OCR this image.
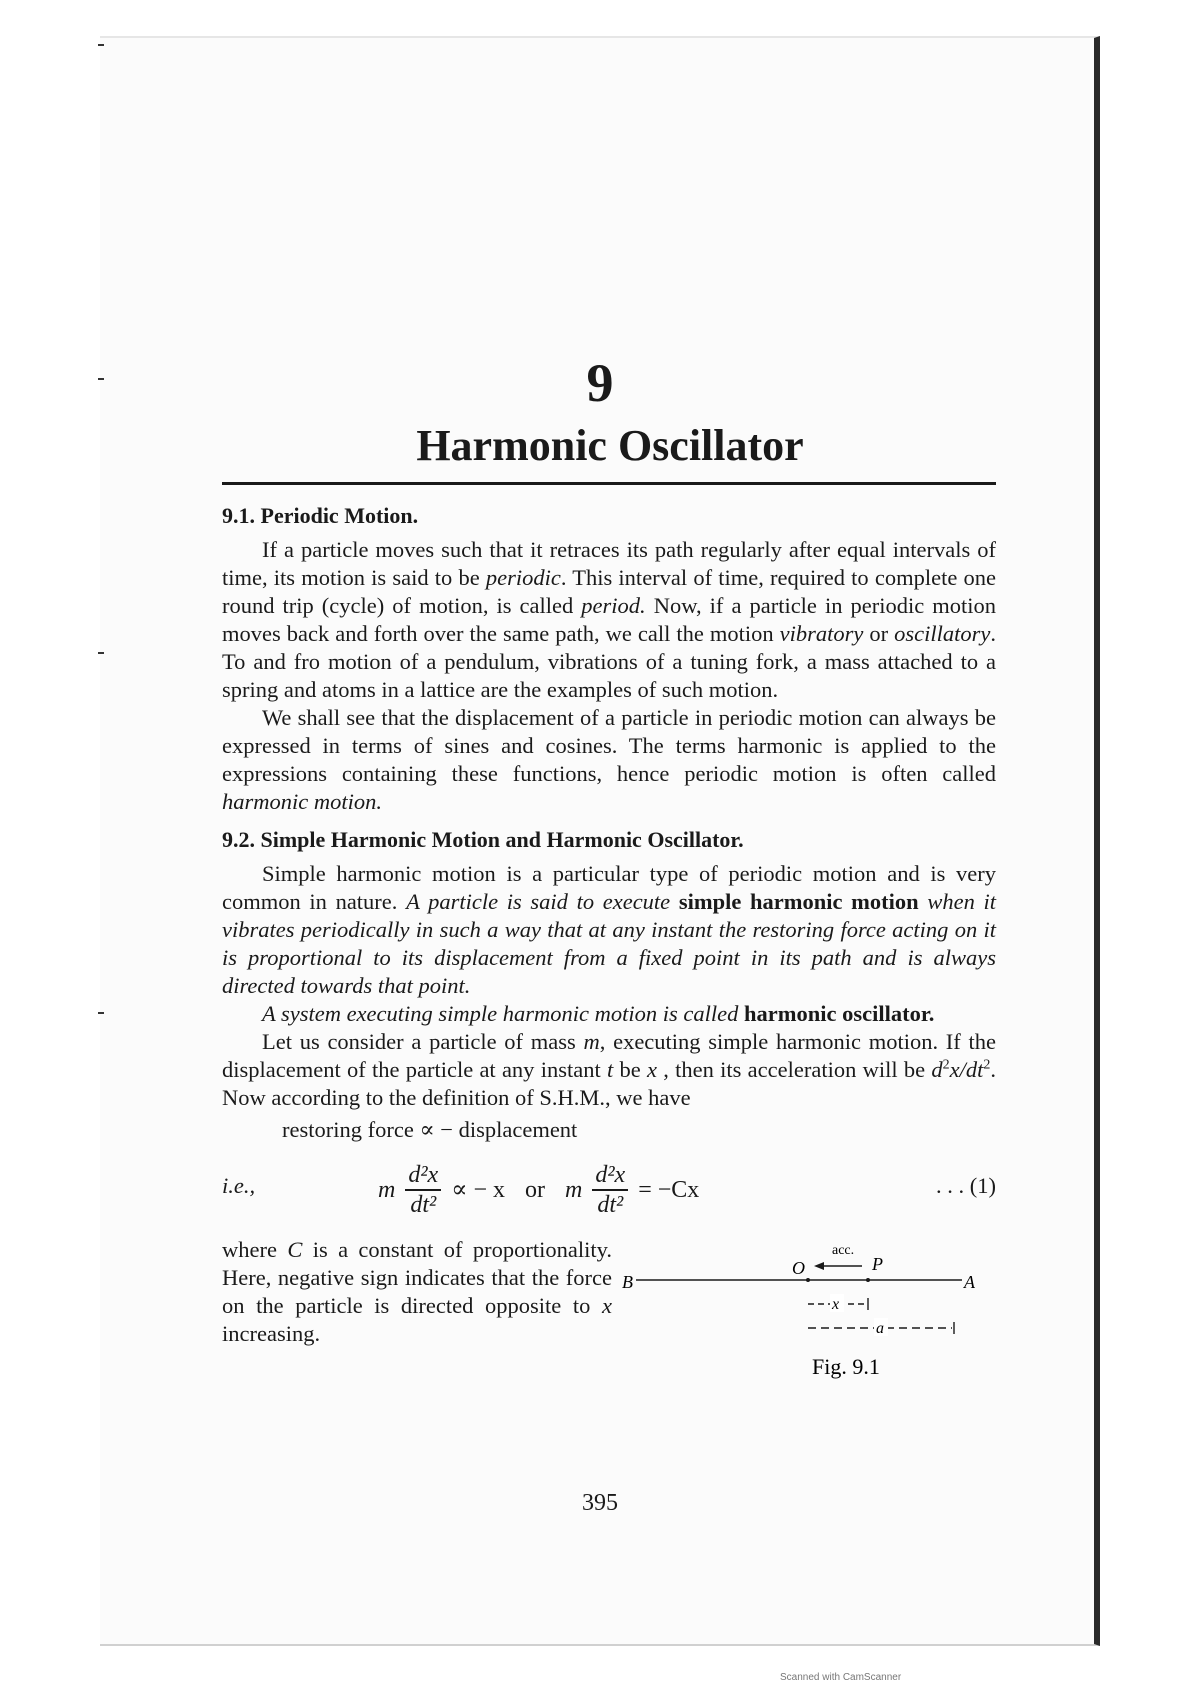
9
Harmonic Oscillator
9.1. Periodic Motion.

If a particle moves such that it retraces its path regularly after equal intervals of time, its motion is said to be periodic. This interval of time, required to complete one round trip (cycle) of motion, is called period. Now, if a particle in periodic motion moves back and forth over the same path, we call the motion vibratory or oscillatory. To and fro motion of a pendulum, vibrations of a tuning fork, a mass attached to a spring and atoms in a lattice are the examples of such motion.

We shall see that the displacement of a particle in periodic motion can always be expressed in terms of sines and cosines. The terms harmonic is applied to the expressions containing these functions, hence periodic motion is often called harmonic motion.

9.2. Simple Harmonic Motion and Harmonic Oscillator.

Simple harmonic motion is a particular type of periodic motion and is very common in nature. A particle is said to execute simple harmonic motion when it vibrates periodically in such a way that at any instant the restoring force acting on it is proportional to its displacement from a fixed point in its path and is always directed towards that point.

A system executing simple harmonic motion is called harmonic oscillator.

Let us consider a particle of mass m, executing simple harmonic motion. If the displacement of the particle at any instant t be x , then its acceleration will be $d^2x/dt^2$. Now according to the definition of S.H.M., we have

restoring force ∝ − displacement
i.e.,	m $\frac{\text{d²x}}{\text{dt²}}$ ∝ − x or m $\frac{\text{d²x}}{\text{dt²}} = -Cx$	. . . (1)

where C is a constant of proportionality. Here, negative sign indicates that the force on the particle is directed opposite to x increasing.

acc.
O	P
A
B
x
a
Fig. 9.1
395
Scanned with CamScanner
